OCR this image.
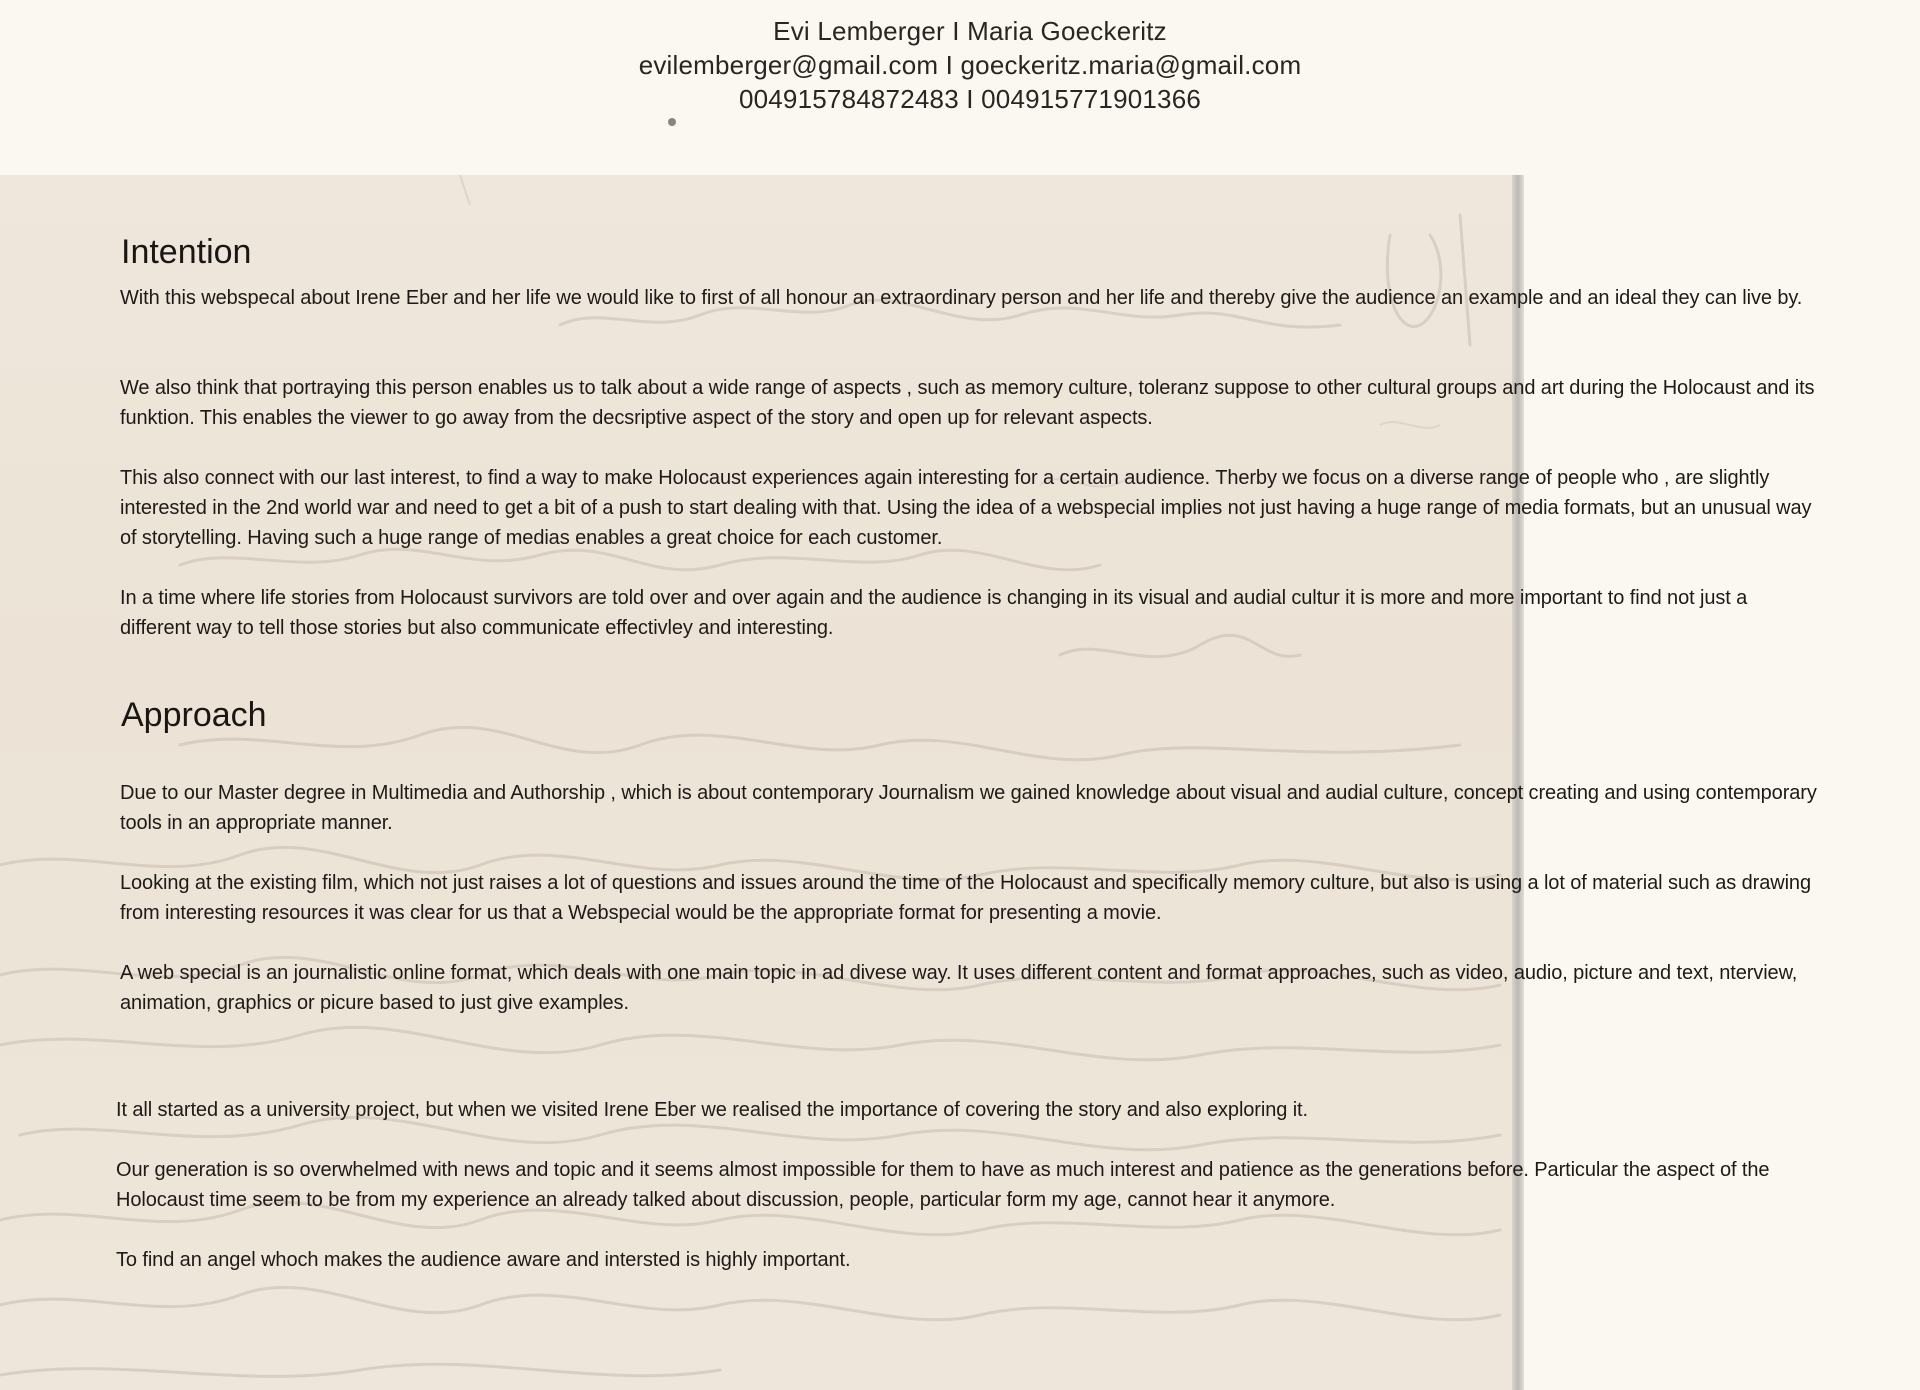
Evi Lemberger I Maria Goeckeritz
evilemberger@gmail.com I goeckeritz.maria@gmail.com
004915784872483 I 004915771901366
Intention

With this webspecal about Irene Eber and her life we would like to first of all honour an extraordinary person and her life and thereby give the audience an example and an ideal they can live by.

We also think that portraying this person enables us to talk about a wide range of aspects , such as memory culture, toleranz suppose to other cultural groups and art during the Holocaust and its funktion. This enables the viewer to go away from the decsriptive aspect of the story and open up for relevant aspects.

This also connect with our last interest, to find a way to make Holocaust experiences again interesting for a certain audience. Therby we focus on a diverse range of people who , are slightly interested in the 2nd world war and need to get a bit of a push to start dealing with that. Using the idea of a webspecial implies not just having a huge range of media formats, but an unusual way of storytelling. Having such a huge range of medias enables a great choice for each customer.

In a time where life stories from Holocaust survivors are told over and over again and the audience is changing in its visual and audial cultur it is more and more important to find not just a different way to tell those stories but also communicate effectivley and interesting.

Approach

Due to our Master degree in Multimedia and Authorship , which is about contemporary Journalism we gained knowledge about visual and audial culture, concept creating and using contemporary tools in an appropriate manner.

Looking at the existing film, which not just raises a lot of questions and issues around the time of the Holocaust and specifically memory culture, but also is using a lot of material such as drawing from interesting resources it was clear for us that a Webspecial would be the appropriate format for presenting a movie.

A web special is an journalistic online format, which deals with one main topic in ad divese way. It uses different content and format approaches, such as video, audio, picture and text, nterview, animation, graphics or picure based to just give examples.

It all started as a university project, but when we visited Irene Eber we realised the importance of covering the story and also exploring it.

Our generation is so overwhelmed with news and topic and it seems almost impossible for them to have as much interest and patience as the generations before. Particular the aspect of the Holocaust time seem to be from my experience an already talked about discussion, people, particular form my age, cannot hear it anymore.

To find an angel whoch makes the audience aware and intersted is highly important.
